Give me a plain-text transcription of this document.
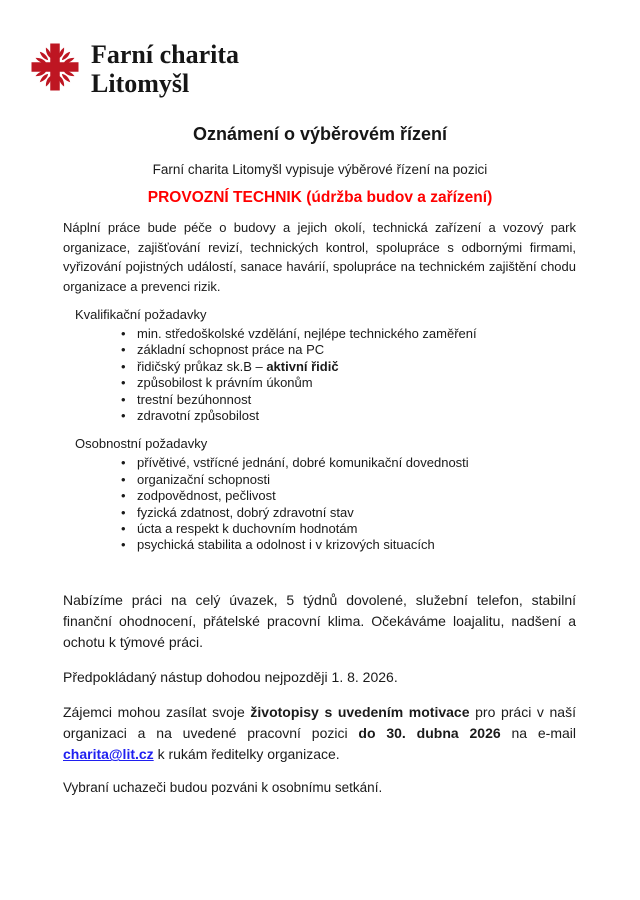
Farní charita
Litomyšl
Oznámení o výběrovém řízení

Farní charita Litomyšl vypisuje výběrové řízení na pozici

PROVOZNÍ TECHNIK (údržba budov a zařízení)

Náplní práce bude péče o budovy a jejich okolí, technická zařízení a vozový park organizace, zajišťování revizí, technických kontrol, spolupráce s odbornými firmami, vyřizování pojistných událostí, sanace havárií, spolupráce na technickém zajištění chodu organizace a prevenci rizik.

Kvalifikační požadavky
• min. středoškolské vzdělání, nejlépe technického zaměření
• základní schopnost práce na PC
• řidičský průkaz sk.B – aktivní řidič
• způsobilost k právním úkonům
• trestní bezúhonnost
• zdravotní způsobilost
Osobnostní požadavky
• přívětivé, vstřícné jednání, dobré komunikační dovednosti
• organizační schopnosti
• zodpovědnost, pečlivost
• fyzická zdatnost, dobrý zdravotní stav
• úcta a respekt k duchovním hodnotám
• psychická stabilita a odolnost i v krizových situacích

Nabízíme práci na celý úvazek, 5 týdnů dovolené, služební telefon, stabilní finanční ohodnocení, přátelské pracovní klima. Očekáváme loajalitu, nadšení a ochotu k týmové práci.

Předpokládaný nástup dohodou nejpozději 1. 8. 2026.

Zájemci mohou zasílat svoje životopisy s uvedením motivace pro práci v naší organizaci a na uvedené pracovní pozici do 30. dubna 2026 na e-mail charita@lit.cz k rukám ředitelky organizace.

Vybraní uchazeči budou pozváni k osobnímu setkání.
